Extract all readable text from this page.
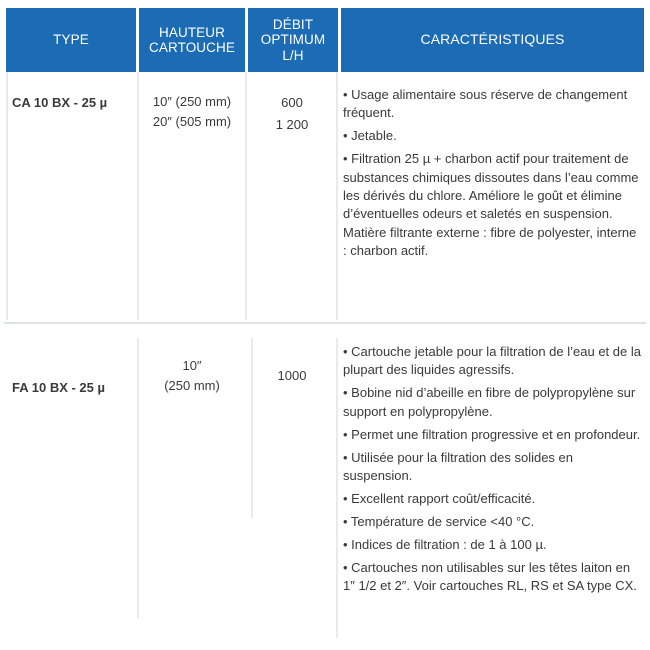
TYPE
HAUTEUR
CARTOUCHE
DÉBIT
OPTIMUM
L/H
CARACTÉRISTIQUES
CA 10 BX - 25 µ	10″ (250 mm)
20″ (505 mm)
600
1 200
• Usage alimentaire sous réserve de changement fréquent.
• Jetable.
• Filtration 25 µ + charbon actif pour traitement de substances chimiques dissoutes dans l’eau comme les dérivés du chlore. Améliore le goût et élimine d’éventuelles odeurs et saletés en suspension. Matière filtrante externe : fibre de polyester, interne : charbon actif.
FA 10 BX - 25 µ
10″
(250 mm)
1000
• Cartouche jetable pour la filtration de l’eau et de la plupart des liquides agressifs.
• Bobine nid d’abeille en fibre de polypropylène sur support en polypropylène.
• Permet une filtration progressive et en profondeur.
• Utilisée pour la filtration des solides en suspension.
• Excellent rapport coût/efficacité.
• Température de service <40 °C.
• Indices de filtration : de 1 à 100 µ.
• Cartouches non utilisables sur les têtes laiton en 1″ 1/2 et 2″. Voir cartouches RL, RS et SA type CX.
